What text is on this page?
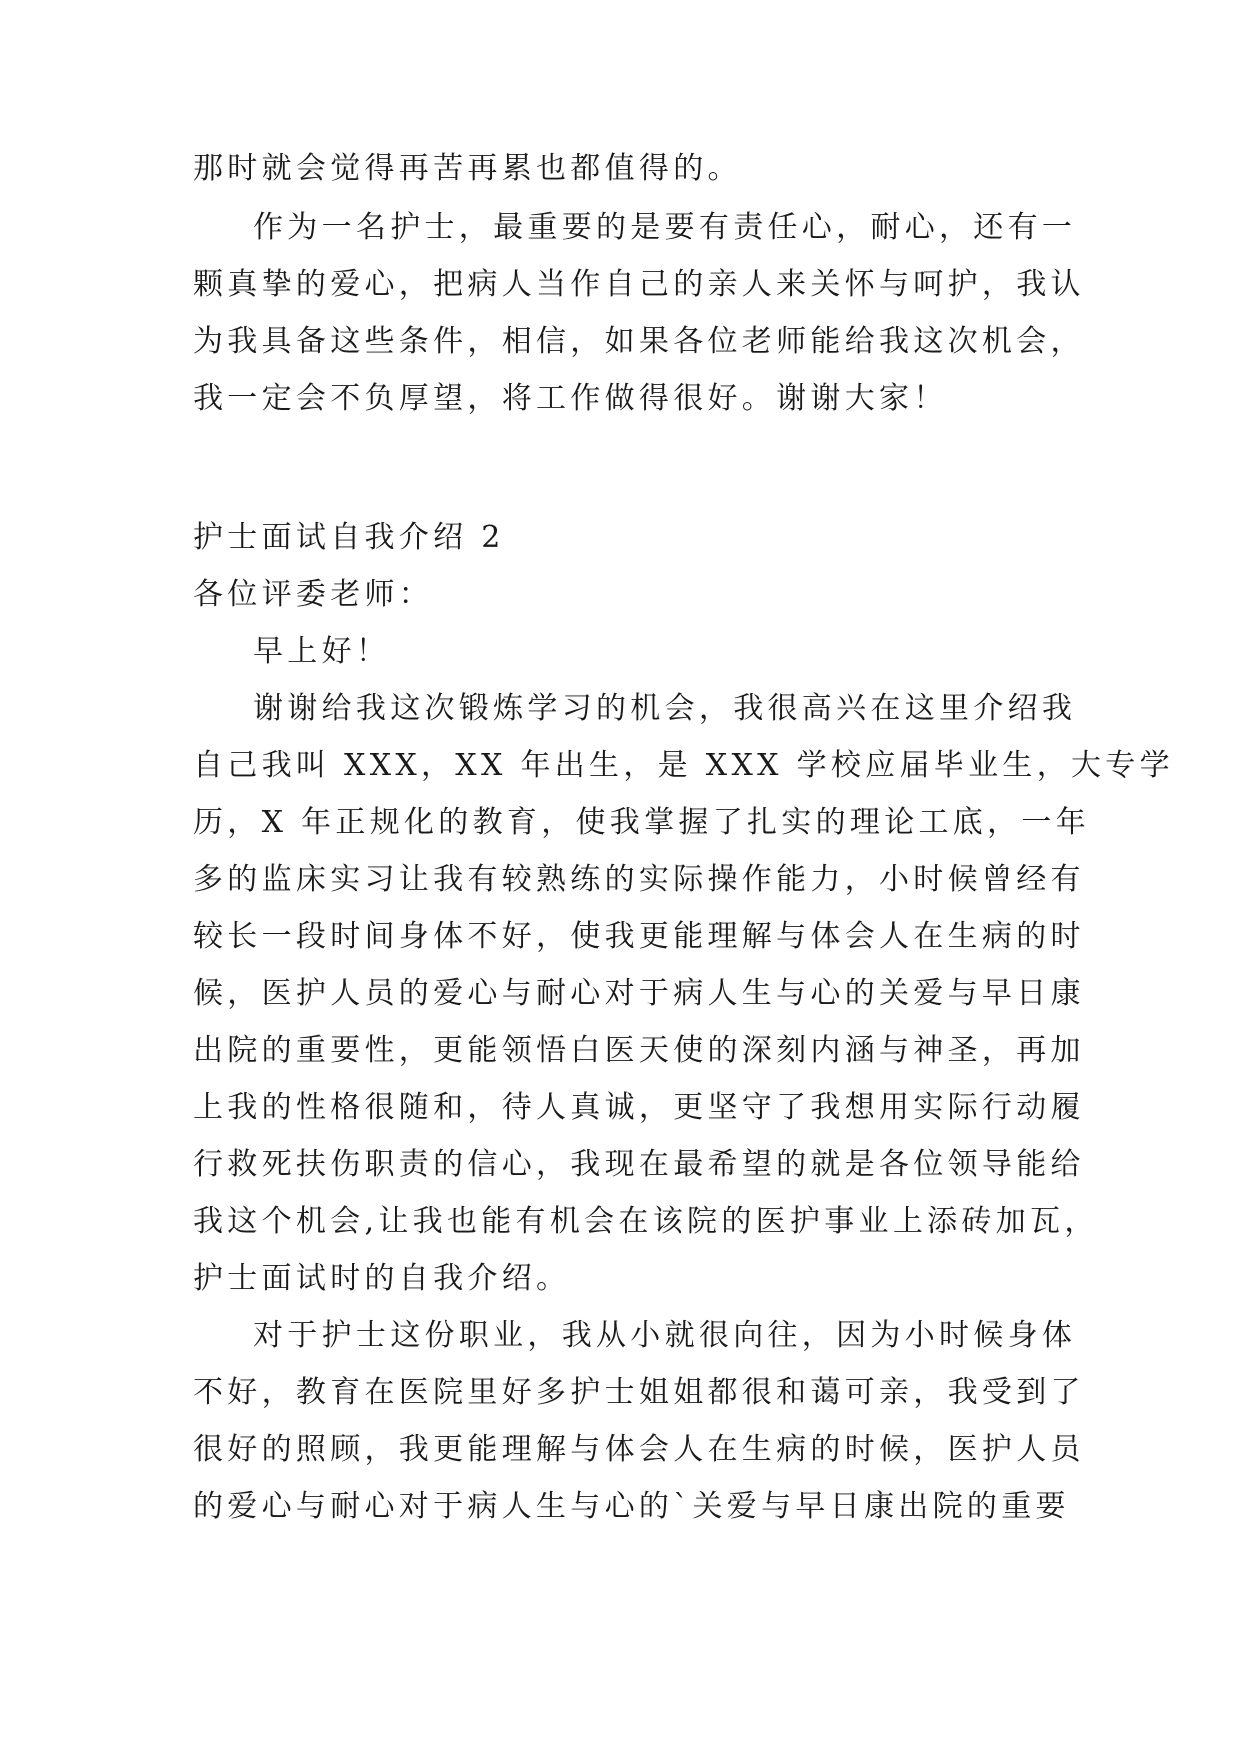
那时就会觉得再苦再累也都值得的。
作为一名护士，最重要的是要有责任心，耐心，还有一
颗真挚的爱心，把病人当作自己的亲人来关怀与呵护，我认
为我具备这些条件，相信，如果各位老师能给我这次机会，
我一定会不负厚望，将工作做得很好。谢谢大家！
护士面试自我介绍 2
各位评委老师：
早上好！
谢谢给我这次锻炼学习的机会，我很高兴在这里介绍我
自己我叫 XXX，XX 年出生，是 XXX 学校应届毕业生，大专学
历，X 年正规化的教育，使我掌握了扎实的理论工底，一年
多的监床实习让我有较熟练的实际操作能力，小时候曾经有
较长一段时间身体不好，使我更能理解与体会人在生病的时
候，医护人员的爱心与耐心对于病人生与心的关爱与早日康
出院的重要性，更能领悟白医天使的深刻内涵与神圣，再加
上我的性格很随和，待人真诚，更坚守了我想用实际行动履
行救死扶伤职责的信心，我现在最希望的就是各位领导能给
我这个机会,让我也能有机会在该院的医护事业上添砖加瓦，
护士面试时的自我介绍。
对于护士这份职业，我从小就很向往，因为小时候身体
不好，教育在医院里好多护士姐姐都很和蔼可亲，我受到了
很好的照顾，我更能理解与体会人在生病的时候，医护人员
的爱心与耐心对于病人生与心的`关爱与早日康出院的重要
